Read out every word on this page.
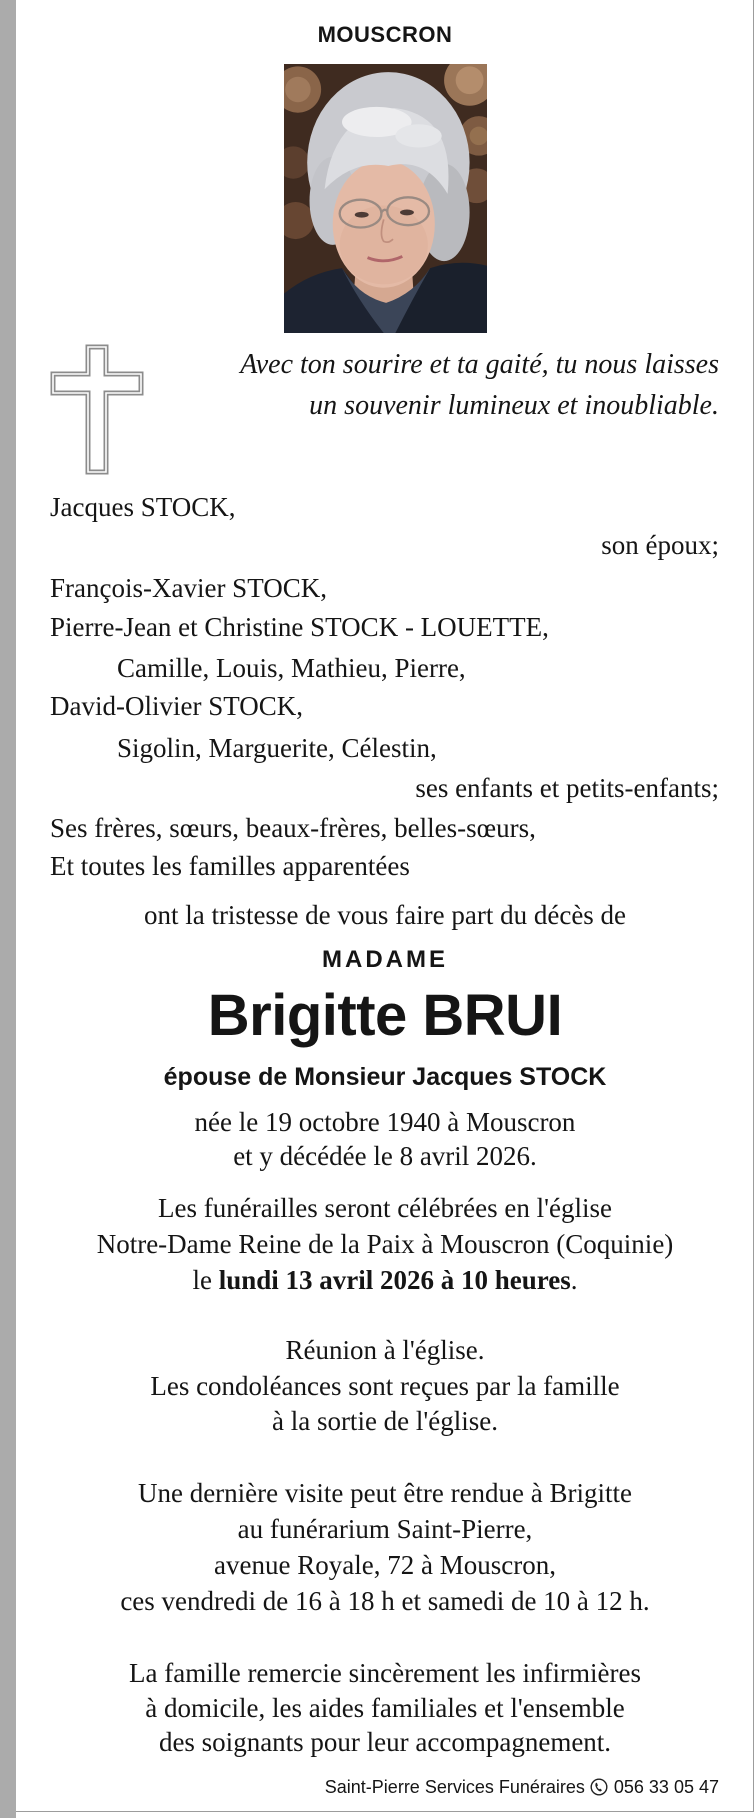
MOUSCRON
Avec ton sourire et ta gaité, tu nous laisses
un souvenir lumineux et inoubliable.
Jacques STOCK,
son époux;
François-Xavier STOCK,
Pierre-Jean et Christine STOCK - LOUETTE,
Camille, Louis, Mathieu, Pierre,
David-Olivier STOCK,
Sigolin, Marguerite, Célestin,
ses enfants et petits-enfants;
Ses frères, sœurs, beaux-frères, belles-sœurs,
Et toutes les familles apparentées
ont la tristesse de vous faire part du décès de
MADAME
Brigitte BRUI
épouse de Monsieur Jacques STOCK
née le 19 octobre 1940 à Mouscron
et y décédée le 8 avril 2026.
Les funérailles seront célébrées en l'église
Notre-Dame Reine de la Paix à Mouscron (Coquinie)
le lundi 13 avril 2026 à 10 heures.
Réunion à l'église.
Les condoléances sont reçues par la famille
à la sortie de l'église.
Une dernière visite peut être rendue à Brigitte
au funérarium Saint-Pierre,
avenue Royale, 72 à Mouscron,
ces vendredi de 16 à 18 h et samedi de 10 à 12 h.
La famille remercie sincèrement les infirmières
à domicile, les aides familiales et l'ensemble
des soignants pour leur accompagnement.
Saint-Pierre Services Funéraires 056 33 05 47
